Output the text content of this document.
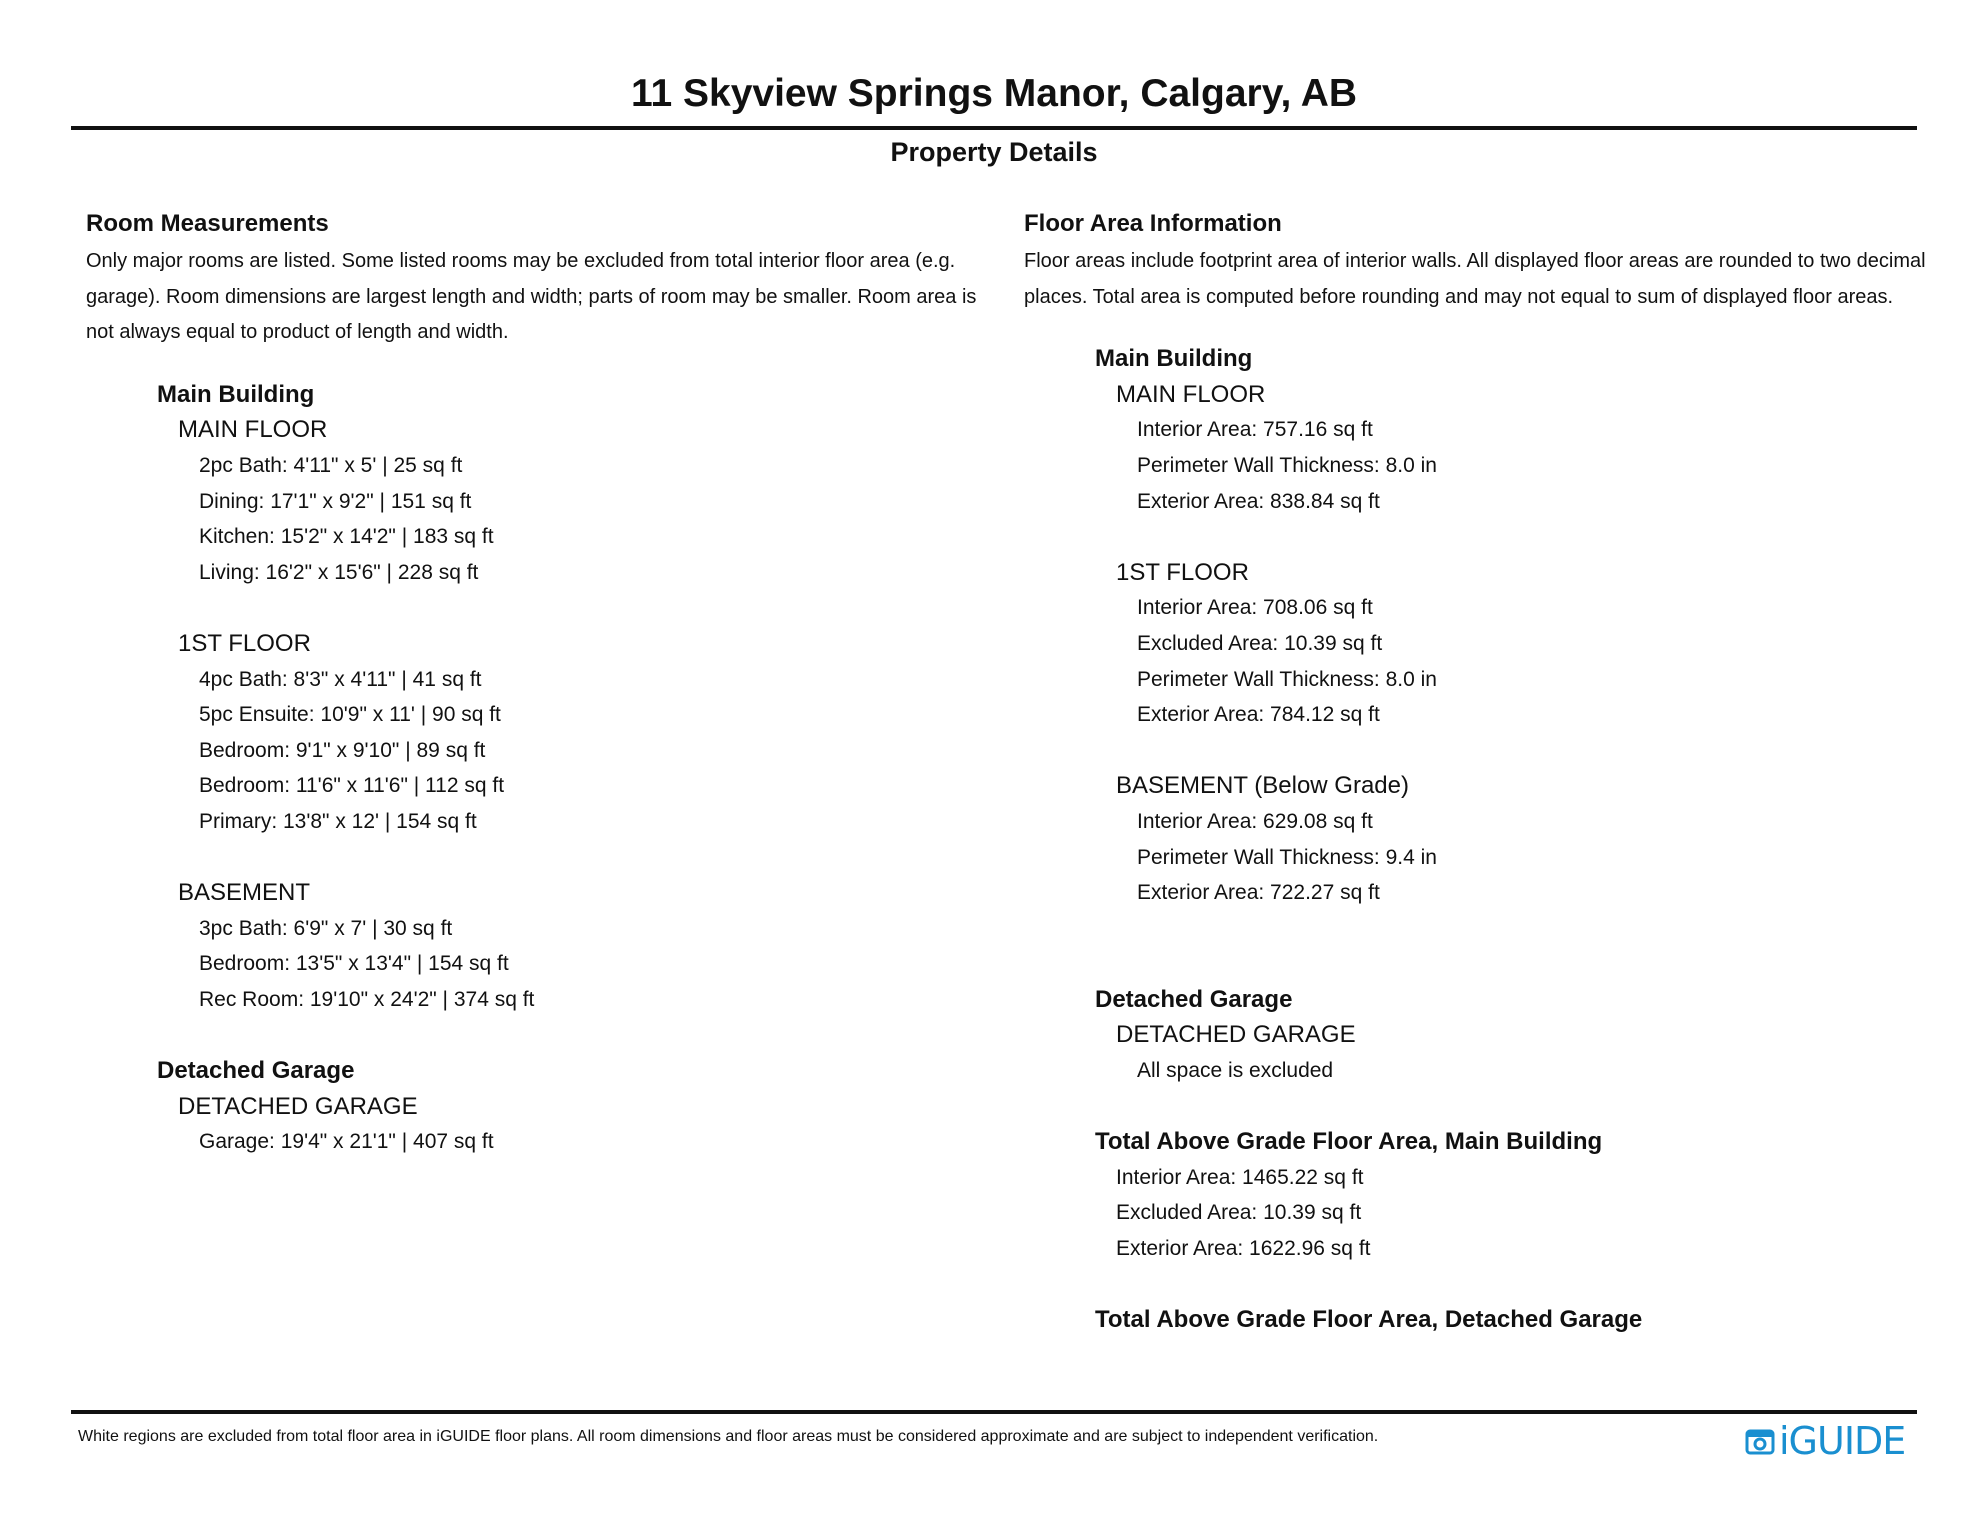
11 Skyview Springs Manor, Calgary, AB
Property Details
Room Measurements
Only major rooms are listed. Some listed rooms may be excluded from total interior floor area (e.g. garage). Room dimensions are largest length and width; parts of room may be smaller. Room area is not always equal to product of length and width.
Main Building
MAIN FLOOR
2pc Bath: 4'11" x 5' | 25 sq ft
Dining: 17'1" x 9'2" | 151 sq ft
Kitchen: 15'2" x 14'2" | 183 sq ft
Living: 16'2" x 15'6" | 228 sq ft
1ST FLOOR
4pc Bath: 8'3" x 4'11" | 41 sq ft
5pc Ensuite: 10'9" x 11' | 90 sq ft
Bedroom: 9'1" x 9'10" | 89 sq ft
Bedroom: 11'6" x 11'6" | 112 sq ft
Primary: 13'8" x 12' | 154 sq ft
BASEMENT
3pc Bath: 6'9" x 7' | 30 sq ft
Bedroom: 13'5" x 13'4" | 154 sq ft
Rec Room: 19'10" x 24'2" | 374 sq ft
Detached Garage
DETACHED GARAGE
Garage: 19'4" x 21'1" | 407 sq ft
Floor Area Information
Floor areas include footprint area of interior walls. All displayed floor areas are rounded to two decimal places. Total area is computed before rounding and may not equal to sum of displayed floor areas.
Main Building
MAIN FLOOR
Interior Area: 757.16 sq ft
Perimeter Wall Thickness: 8.0 in
Exterior Area: 838.84 sq ft
1ST FLOOR
Interior Area: 708.06 sq ft
Excluded Area: 10.39 sq ft
Perimeter Wall Thickness: 8.0 in
Exterior Area: 784.12 sq ft
BASEMENT (Below Grade)
Interior Area: 629.08 sq ft
Perimeter Wall Thickness: 9.4 in
Exterior Area: 722.27 sq ft
Detached Garage
DETACHED GARAGE
All space is excluded
Total Above Grade Floor Area, Main Building
Interior Area: 1465.22 sq ft
Excluded Area: 10.39 sq ft
Exterior Area: 1622.96 sq ft
Total Above Grade Floor Area, Detached Garage
White regions are excluded from total floor area in iGUIDE floor plans. All room dimensions and floor areas must be considered approximate and are subject to independent verification.	iGUIDE
